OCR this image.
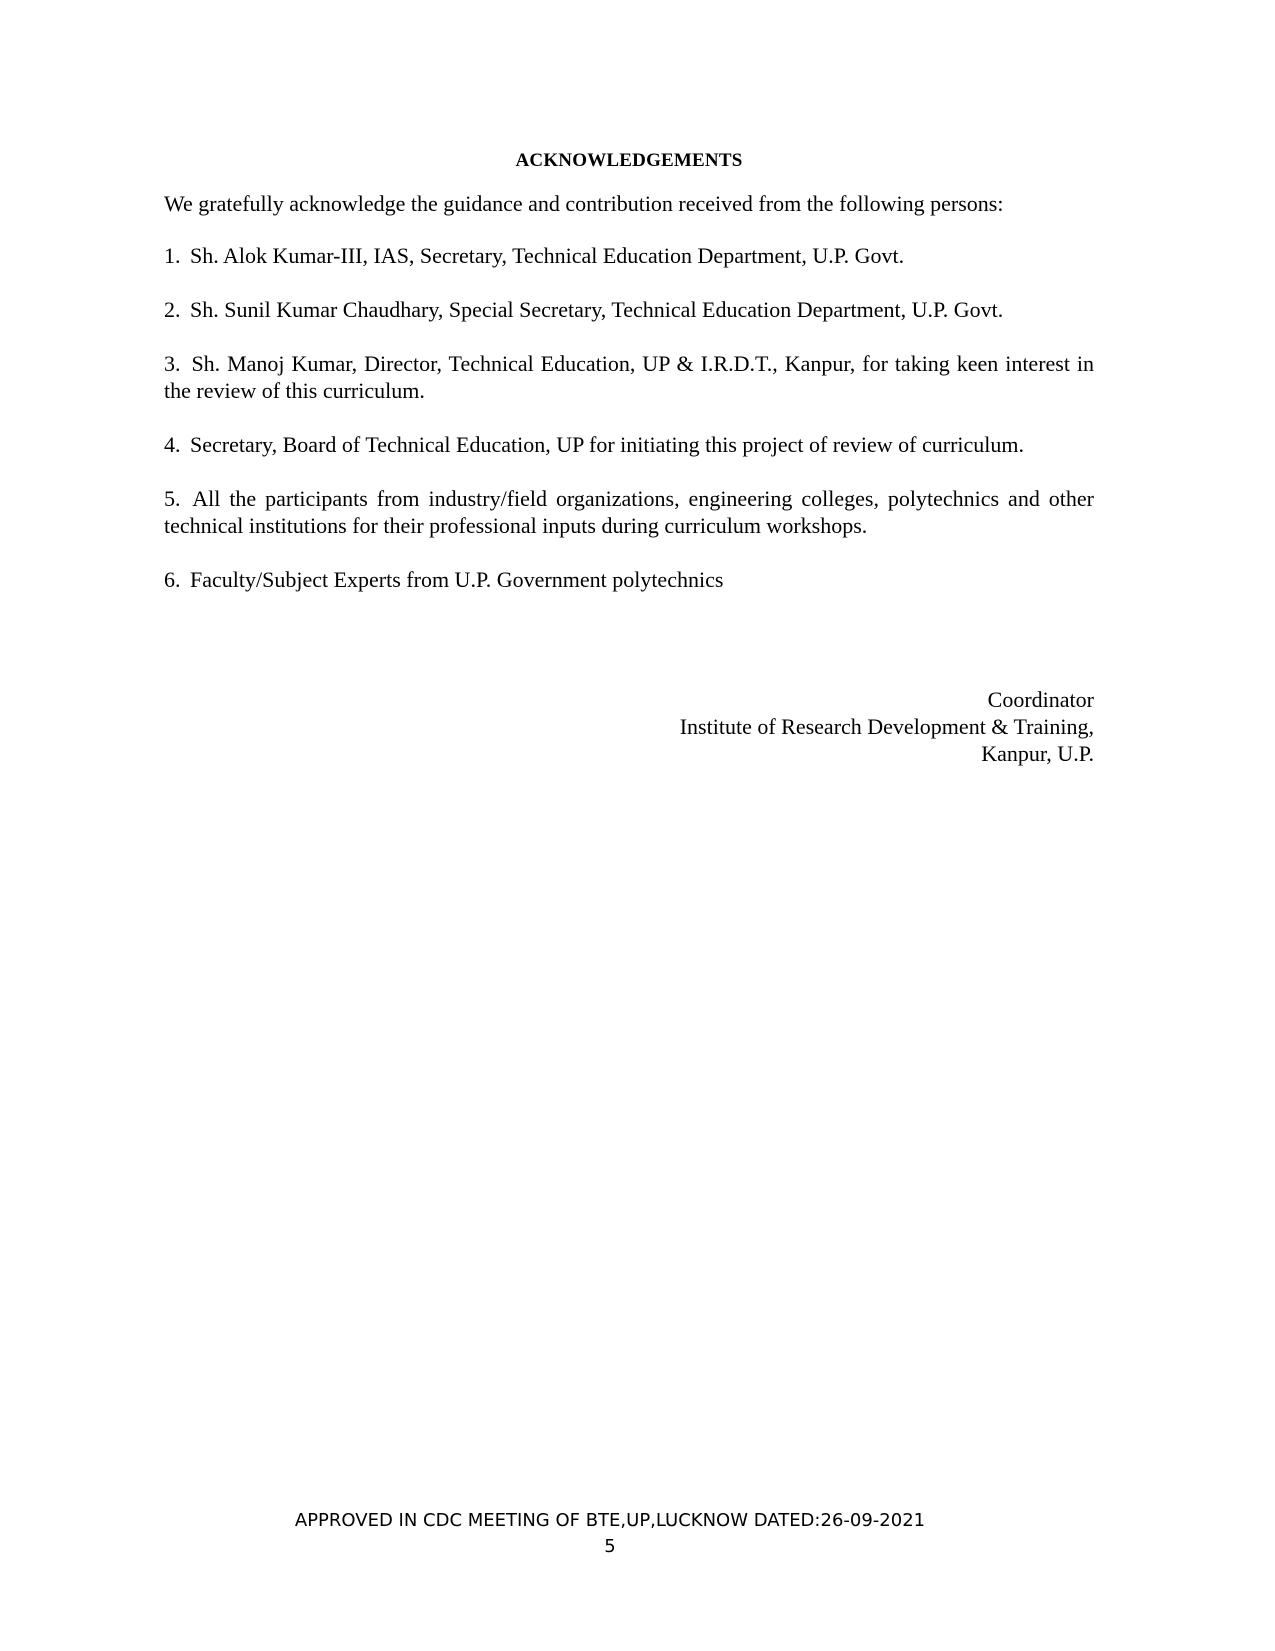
ACKNOWLEDGEMENTS

We gratefully acknowledge the guidance and contribution received from the following persons:

1. Sh. Alok Kumar-III, IAS, Secretary, Technical Education Department, U.P. Govt.
2. Sh. Sunil Kumar Chaudhary, Special Secretary, Technical Education Department, U.P. Govt.
3. Sh. Manoj Kumar, Director, Technical Education, UP & I.R.D.T., Kanpur, for taking keen interest in the review of this curriculum.
4. Secretary, Board of Technical Education, UP for initiating this project of review of curriculum.
5. All the participants from industry/field organizations, engineering colleges, polytechnics and other technical institutions for their professional inputs during curriculum workshops.
6. Faculty/Subject Experts from U.P. Government polytechnics
Coordinator
Institute of Research Development & Training,
Kanpur, U.P.
APPROVED IN CDC MEETING OF BTE,UP,LUCKNOW DATED:26-09-2021
5
